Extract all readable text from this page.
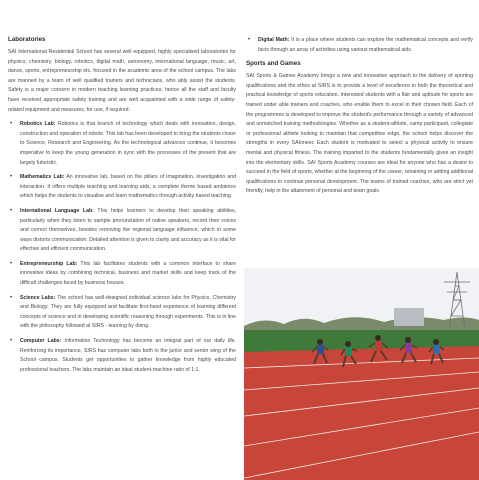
Laboratories

SAI International Residential School has several well equipped, highly specialised laboratories for physics, chemistry, biology, robotics, digital math, astronomy, international language, music, art, dance, sports, entrepreneurship etc. focused in the academic area of the school campus. The labs are manned by a team of well qualified trainers and technicians, who ably assist the students. Safety is a major concern in modern teaching learning practices; hence all the staff and faculty have received appropriate safety training and are well acquainted with a wide range of safety-related equipment and measures, for use, if required.

• Robotics Lab: Robotics is that branch of technology which deals with innovation, design, construction and operation of robots. This lab has been developed to bring the students closer to Science, Research and Engineering. As the technological advances continue, it becomes imperative to keep the young generation in sync with the processes of the present that are largely futuristic.
• Mathematics Lab: An innovative lab, based on the pillars of imagination, investigation and interaction. It offers multiple teaching and learning aids, a complete theme based ambience which helps the students to visualise and learn mathematics through activity based teaching.
• International Language Lab: This helps learners to develop their speaking abilities, particularly when they listen to sample pronunciation of native speakers, record their voices and correct themselves, besides removing the regional language influence, which in some ways distorts communication. Detailed attention is given to clarity and accuracy as it is vital for effective and efficient communication.
• Entrepreneurship Lab: This lab facilitates students with a common interface to share innovative ideas by combining technical, business and market skills and keep track of the difficult challenges faced by business houses.
• Science Labs: The school has well-designed individual science labs for Physics, Chemistry and Biology. They are fully equipped and facilitate first-hand experience of learning different concepts of science and in developing scientific reasoning through experiments. This is in line with the philosophy followed at SIRS - learning by doing.
• Computer Labs: Information Technology has become an integral part of our daily life. Reinforcing its importance, SIRS has computer labs both in the junior and senior wing of the School campus. Students get opportunities to gather knowledge from highly educated professional teachers. The labs maintain an ideal student-machine ratio of 1:1.
• Digital Math: It is a place where students can explore the mathematical concepts and verify facts through an array of activities using various mathematical aids.
Sports and Games

SAI Sports & Games Academy brings a new and innovative approach to the delivery of sporting qualifications and the ethos at SIRS is to provide a level of excellence in both the theoretical and practical knowledge of sports education. Interested students with a flair and aptitude for sports are trained under able trainers and coaches, who enable them to excel in their chosen field. Each of the programmes is developed to improve the student's performance through a variety of advanced and unmatched training methodologies. Whether as a student-athlete, camp participant, collegiate or professional athlete looking to maintain that competitive edge, the school helps discover the strengths in every SAIoneer. Each student is motivated to select a physical activity to ensure mental and physical fitness. The training imparted to the students fundamentally gives an insight into the elementary skills. SAI Sports Academy courses are ideal for anyone who has a desire to succeed in the field of sports, whether at the beginning of the career, retraining or adding additional qualifications to continue personal development. The teams of trained coaches, who are strict yet friendly, help in the attainment of personal and team goals.
